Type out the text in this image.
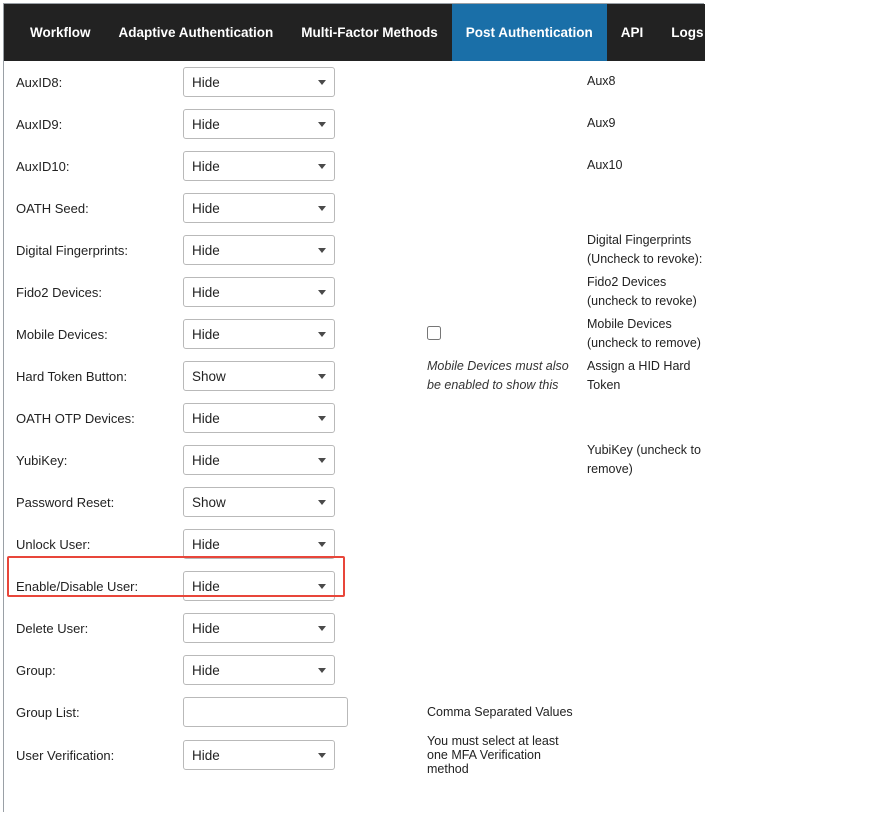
Workflow	Adaptive Authentication	Multi-Factor Methods	Post Authentication	API	Logs	System Info	Logout
AuxID8:	
Hide		Aux8
AuxID9:	
Hide		Aux9
AuxID10:	
Hide		Aux10
OATH Seed:	
Hide

Digital Fingerprints:	
Hide		Digital Fingerprints (Uncheck to revoke):
Fido2 Devices:	
Hide		Fido2 Devices (uncheck to revoke)
Mobile Devices:	
Hide		Mobile Devices (uncheck to remove)
Hard Token Button:	
Show	Mobile Devices must also be enabled to show this	Assign a HID Hard Token
OATH OTP Devices:	
Hide

YubiKey:	
Hide		YubiKey (uncheck to remove)
Password Reset:	
Show

Unlock User:	
Hide

Enable/Disable User:	
Hide

Delete User:	
Hide

Group:	
Hide

Group List:		Comma Separated Values	
User Verification:	
Hide	You must select at least one MFA Verification method	
